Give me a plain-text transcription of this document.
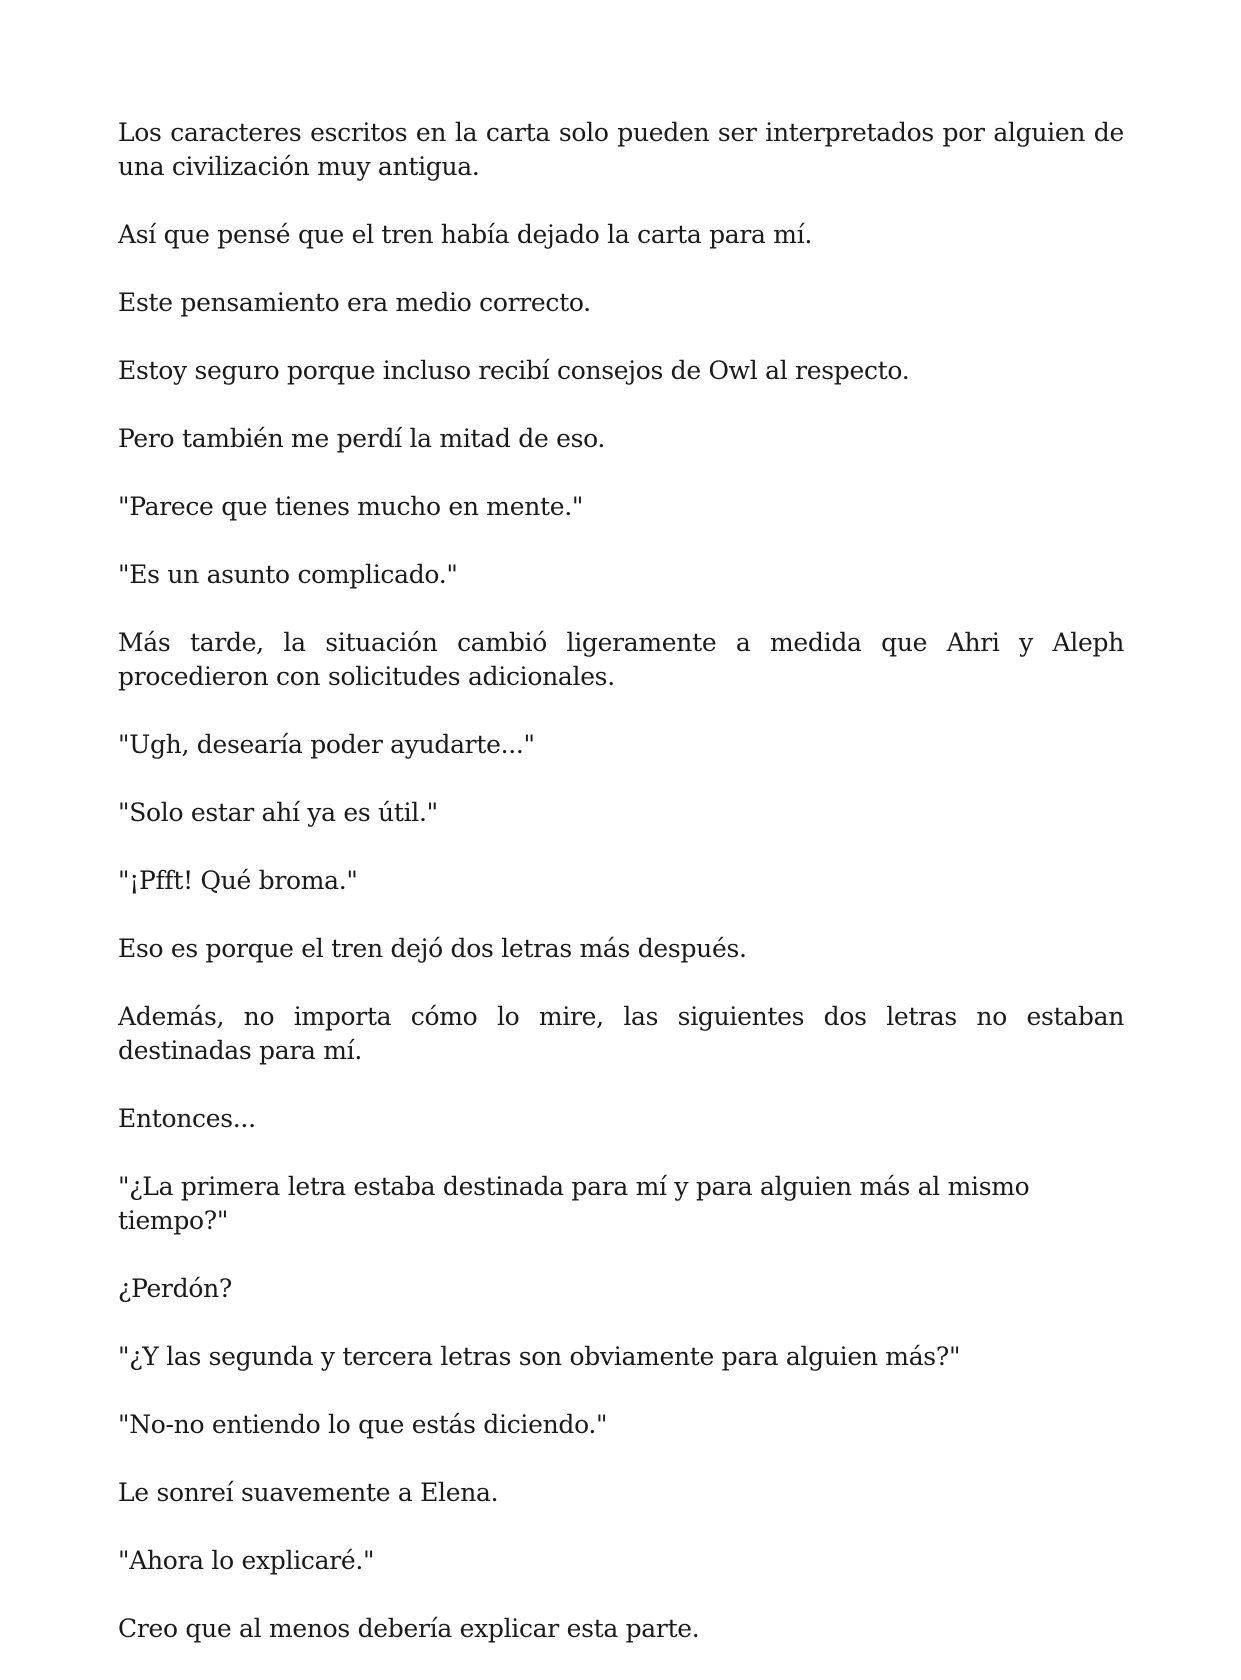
Los caracteres escritos en la carta solo pueden ser interpretados por alguien de una civilización muy antigua.

Así que pensé que el tren había dejado la carta para mí.

Este pensamiento era medio correcto.

Estoy seguro porque incluso recibí consejos de Owl al respecto.

Pero también me perdí la mitad de eso.

"Parece que tienes mucho en mente."

"Es un asunto complicado."

Más tarde, la situación cambió ligeramente a medida que Ahri y Aleph procedieron con solicitudes adicionales.

"Ugh, desearía poder ayudarte..."

"Solo estar ahí ya es útil."

"¡Pfft! Qué broma."

Eso es porque el tren dejó dos letras más después.

Además, no importa cómo lo mire, las siguientes dos letras no estaban destinadas para mí.

Entonces...

"¿La primera letra estaba destinada para mí y para alguien más al mismo tiempo?"

¿Perdón?

"¿Y las segunda y tercera letras son obviamente para alguien más?"

"No-no entiendo lo que estás diciendo."

Le sonreí suavemente a Elena.

"Ahora lo explicaré."

Creo que al menos debería explicar esta parte.
